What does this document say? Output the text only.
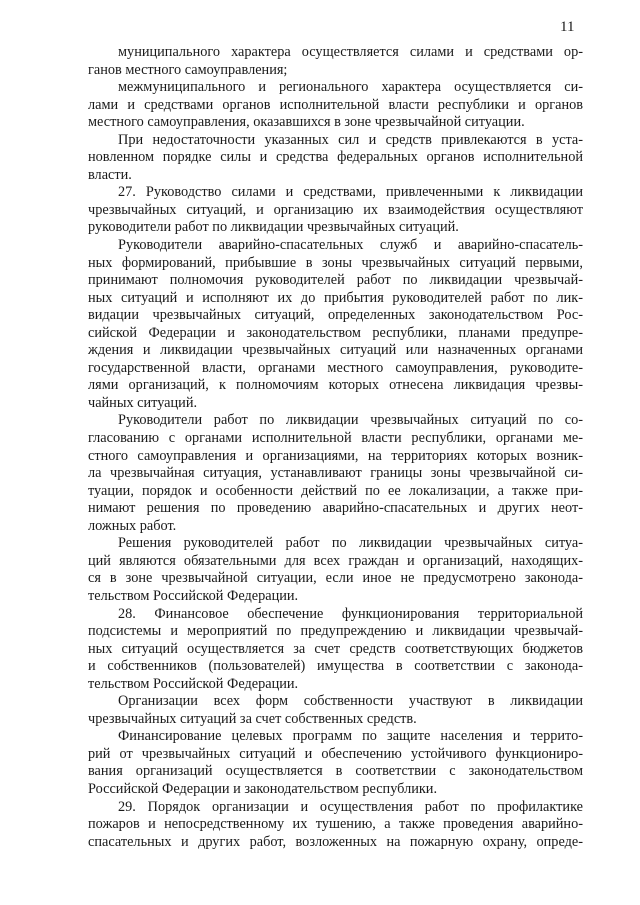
11

муниципального характера осуществляется силами и средствами ор-
ганов местного самоуправления;

межмуниципального и регионального характера осуществляется си-
лами и средствами органов исполнительной власти республики и органов
местного самоуправления, оказавшихся в зоне чрезвычайной ситуации.

При недостаточности указанных сил и средств привлекаются в уста-
новленном порядке силы и средства федеральных органов исполнительной
власти.

27. Руководство силами и средствами, привлеченными к ликвидации
чрезвычайных ситуаций, и организацию их взаимодействия осуществляют
руководители работ по ликвидации чрезвычайных ситуаций.

Руководители аварийно-спасательных служб и аварийно-спасатель-
ных формирований, прибывшие в зоны чрезвычайных ситуаций первыми,
принимают полномочия руководителей работ по ликвидации чрезвычай-
ных ситуаций и исполняют их до прибытия руководителей работ по лик-
видации чрезвычайных ситуаций, определенных законодательством Рос-
сийской Федерации и законодательством республики, планами предупре-
ждения и ликвидации чрезвычайных ситуаций или назначенных органами
государственной власти, органами местного самоуправления, руководите-
лями организаций, к полномочиям которых отнесена ликвидация чрезвы-
чайных ситуаций.

Руководители работ по ликвидации чрезвычайных ситуаций по со-
гласованию с органами исполнительной власти республики, органами ме-
стного самоуправления и организациями, на территориях которых возник-
ла чрезвычайная ситуация, устанавливают границы зоны чрезвычайной си-
туации, порядок и особенности действий по ее локализации, а также при-
нимают решения по проведению аварийно-спасательных и других неот-
ложных работ.

Решения руководителей работ по ликвидации чрезвычайных ситуа-
ций являются обязательными для всех граждан и организаций, находящих-
ся в зоне чрезвычайной ситуации, если иное не предусмотрено законода-
тельством Российской Федерации.

28. Финансовое обеспечение функционирования территориальной
подсистемы и мероприятий по предупреждению и ликвидации чрезвычай-
ных ситуаций осуществляется за счет средств соответствующих бюджетов
и собственников (пользователей) имущества в соответствии с законода-
тельством Российской Федерации.

Организации всех форм собственности участвуют в ликвидации
чрезвычайных ситуаций за счет собственных средств.

Финансирование целевых программ по защите населения и террито-
рий от чрезвычайных ситуаций и обеспечению устойчивого функциониро-
вания организаций осуществляется в соответствии с законодательством
Российской Федерации и законодательством республики.

29. Порядок организации и осуществления работ по профилактике
пожаров и непосредственному их тушению, а также проведения аварийно-
спасательных и других работ, возложенных на пожарную охрану, опреде-
